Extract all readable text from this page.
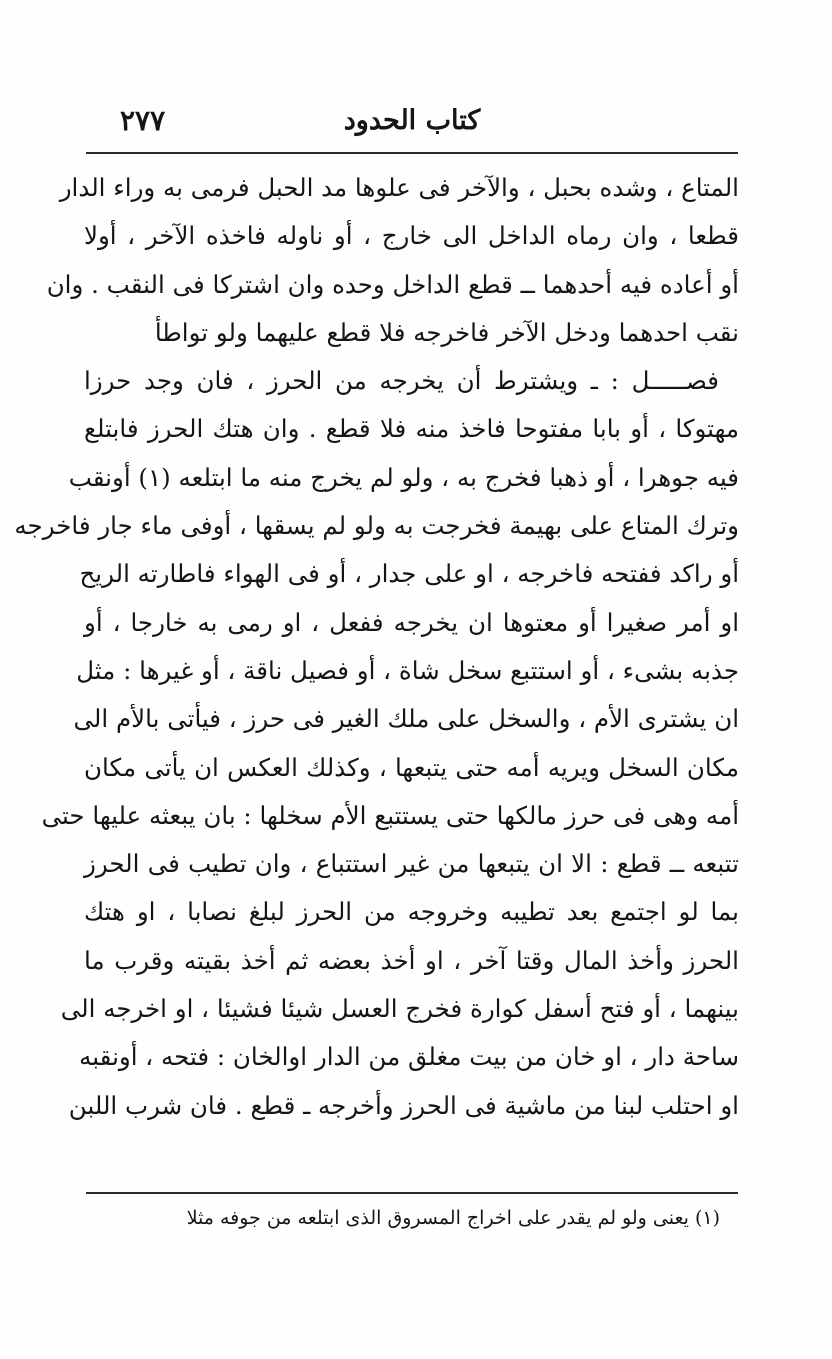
كتاب الحدود
٢٧٧
المتاع ، وشده بحبل ، والآخر فى علوها مد الحبل فرمى به وراء الدار
قطعا ، وان رماه الداخل الى خارج ، أو ناوله فاخذه الآخر ، أولا
أو أعاده فيه أحدهما ــ قطع الداخل وحده وان اشتركا فى النقب . وان
نقب احدهما ودخل الآخر فاخرجه فلا قطع عليهما ولو تواطأ
فصـــــل : ـ ويشترط أن يخرجه من الحرز ، فان وجد حرزا
مهتوكا ، أو بابا مفتوحا فاخذ منه فلا قطع . وان هتك الحرز فابتلع
فيه جوهرا ، أو ذهبا فخرج به ، ولو لم يخرج منه ما ابتلعه (١) أونقب
وترك المتاع على بهيمة فخرجت به ولو لم يسقها ، أوفى ماء جار فاخرجه
أو راكد ففتحه فاخرجه ، او على جدار ، أو فى الهواء فاطارته الريح
او أمر صغيرا أو معتوها ان يخرجه ففعل ، او رمى به خارجا ، أو
جذبه بشىء ، أو استتبع سخل شاة ، أو فصيل ناقة ، أو غيرها : مثل
ان يشترى الأم ، والسخل على ملك الغير فى حرز ، فيأتى بالأم الى
مكان السخل ويريه أمه حتى يتبعها ، وكذلك العكس ان يأتى مكان
أمه وهى فى حرز مالكها حتى يستتبع الأم سخلها : بان يبعثه عليها حتى
تتبعه ــ قطع : الا ان يتبعها من غير استتباع ، وان تطيب فى الحرز
بما لو اجتمع بعد تطيبه وخروجه من الحرز لبلغ نصابا ، او هتك
الحرز وأخذ المال وقتا آخر ، او أخذ بعضه ثم أخذ بقيته وقرب ما
بينهما ، أو فتح أسفل كوارة فخرج العسل شيئا فشيئا ، او اخرجه الى
ساحة دار ، او خان من بيت مغلق من الدار اوالخان : فتحه ، أونقبه
او احتلب لبنا من ماشية فى الحرز وأخرجه ـ قطع . فان شرب اللبن
(١) يعنى ولو لم يقدر على اخراج المسروق الذى ابتلعه من جوفه مثلا
